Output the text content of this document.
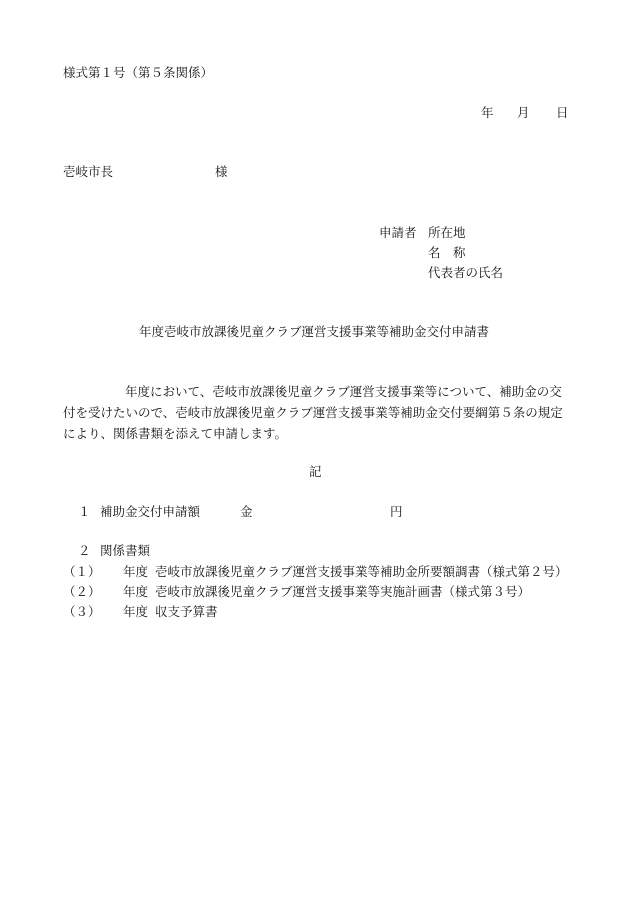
様式第１号（第５条関係）
年 月 日
壱岐市長	様
申請者 所在地
名　称
代表者の氏名
年度壱岐市放課後児童クラブ運営支援事業等補助金交付申請書
年度において、壱岐市放課後児童クラブ運営支援事業等について、補助金の交
付を受けたいので、壱岐市放課後児童クラブ運営支援事業等補助金交付要綱第５条の規定
により、関係書類を添えて申請します。
記
１ 補助金交付申請額	金	円
２ 関係書類
（１） 年度 壱岐市放課後児童クラブ運営支援事業等補助金所要額調書（様式第２号）
（２） 年度 壱岐市放課後児童クラブ運営支援事業等実施計画書（様式第３号）
（３） 年度 収支予算書
